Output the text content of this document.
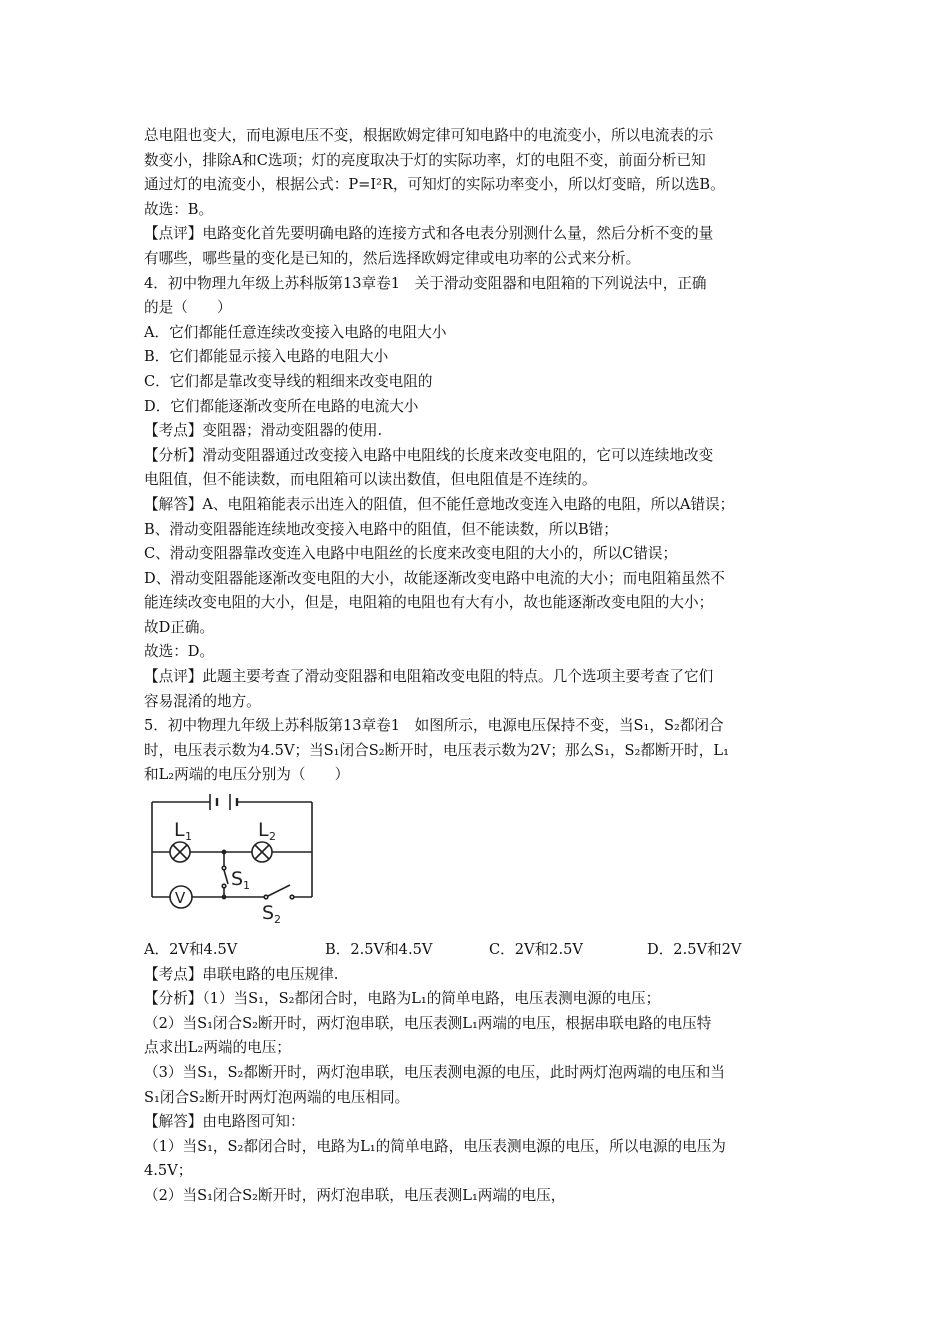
总电阻也变大，而电源电压不变，根据欧姆定律可知电路中的电流变小，所以电流表的示
数变小，排除A和C选项；灯的亮度取决于灯的实际功率，灯的电阻不变，前面分析已知
通过灯的电流变小，根据公式：P=I²R，可知灯的实际功率变小，所以灯变暗，所以选B。
故选：B。
【点评】电路变化首先要明确电路的连接方式和各电表分别测什么量，然后分析不变的量
有哪些，哪些量的变化是已知的，然后选择欧姆定律或电功率的公式来分析。
4．初中物理九年级上苏科版第13章卷1　关于滑动变阻器和电阻箱的下列说法中，正确
的是（　　）
A．它们都能任意连续改变接入电路的电阻大小
B．它们都能显示接入电路的电阻大小
C．它们都是靠改变导线的粗细来改变电阻的
D．它们都能逐渐改变所在电路的电流大小
【考点】变阻器；滑动变阻器的使用.
【分析】滑动变阻器通过改变接入电路中电阻线的长度来改变电阻的，它可以连续地改变
电阻值，但不能读数，而电阻箱可以读出数值，但电阻值是不连续的。
【解答】A、电阻箱能表示出连入的阻值，但不能任意地改变连入电路的电阻，所以A错误；
B、滑动变阻器能连续地改变接入电路中的阻值，但不能读数，所以B错；
C、滑动变阻器靠改变连入电路中电阻丝的长度来改变电阻的大小的，所以C错误；
D、滑动变阻器能逐渐改变电阻的大小，故能逐渐改变电路中电流的大小；而电阻箱虽然不
能连续改变电阻的大小，但是，电阻箱的电阻也有大有小，故也能逐渐改变电阻的大小；
故D正确。
故选：D。
【点评】此题主要考查了滑动变阻器和电阻箱改变电阻的特点。几个选项主要考查了它们
容易混淆的地方。
5．初中物理九年级上苏科版第13章卷1　如图所示，电源电压保持不变，当S₁，S₂都闭合
时，电压表示数为4.5V；当S₁闭合S₂断开时，电压表示数为2V；那么S₁，S₂都断开时，L₁
和L₂两端的电压分别为（　　）
L 1	L 2
S 1
S 2
V
A．2V和4.5V	B．2.5V和4.5V	C．2V和2.5V	D．2.5V和2V
【考点】串联电路的电压规律.
【分析】（1）当S₁，S₂都闭合时，电路为L₁的简单电路，电压表测电源的电压；
（2）当S₁闭合S₂断开时，两灯泡串联，电压表测L₁两端的电压，根据串联电路的电压特
点求出L₂两端的电压；
（3）当S₁，S₂都断开时，两灯泡串联，电压表测电源的电压，此时两灯泡两端的电压和当
S₁闭合S₂断开时两灯泡两端的电压相同。
【解答】由电路图可知：
（1）当S₁，S₂都闭合时，电路为L₁的简单电路，电压表测电源的电压，所以电源的电压为
4.5V；
（2）当S₁闭合S₂断开时，两灯泡串联，电压表测L₁两端的电压，
